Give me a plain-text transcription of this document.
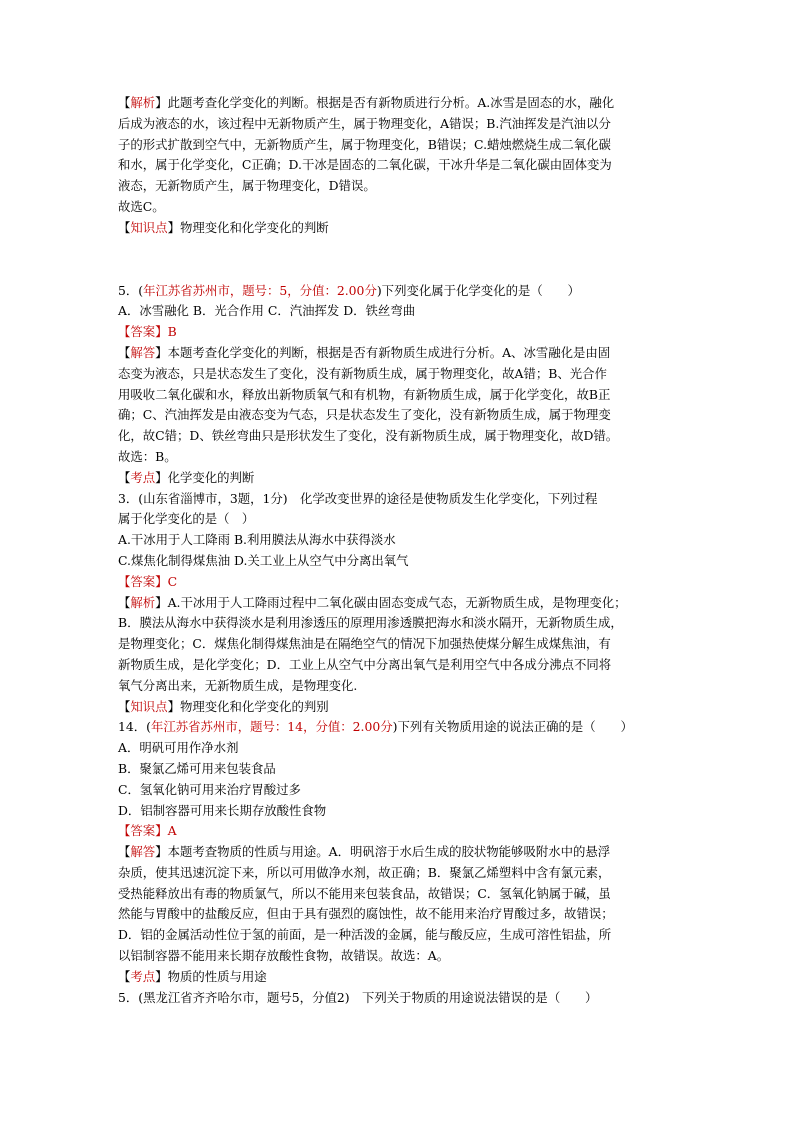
【解析】此题考查化学变化的判断。根据是否有新物质进行分析。A.冰雪是固态的水，融化
后成为液态的水，该过程中无新物质产生，属于物理变化，A错误；B.汽油挥发是汽油以分
子的形式扩散到空气中，无新物质产生，属于物理变化，B错误；C.蜡烛燃烧生成二氧化碳
和水，属于化学变化，C正确；D.干冰是固态的二氧化碳，干冰升华是二氧化碳由固体变为
液态，无新物质产生，属于物理变化，D错误。
故选C。
【知识点】物理变化和化学变化的判断
5．(年江苏省苏州市，题号：5，分值：2.00分)下列变化属于化学变化的是（　　）
A．冰雪融化 B．光合作用 C．汽油挥发 D．铁丝弯曲
【答案】B
【解答】本题考查化学变化的判断，根据是否有新物质生成进行分析。A、冰雪融化是由固
态变为液态，只是状态发生了变化，没有新物质生成，属于物理变化，故A错；B、光合作
用吸收二氧化碳和水，释放出新物质氧气和有机物，有新物质生成，属于化学变化，故B正
确；C、汽油挥发是由液态变为气态，只是状态发生了变化，没有新物质生成，属于物理变
化，故C错；D、铁丝弯曲只是形状发生了变化，没有新物质生成，属于物理变化，故D错。
故选：B。
【考点】化学变化的判断
3．(山东省淄博市，3题，1分)　化学改变世界的途径是使物质发生化学变化，下列过程
属于化学变化的是（　）
A.干冰用于人工降雨 B.利用膜法从海水中获得淡水
C.煤焦化制得煤焦油 D.关工业上从空气中分离出氧气
【答案】C
【解析】A.干冰用于人工降雨过程中二氧化碳由固态变成气态，无新物质生成，是物理变化；
B．膜法从海水中获得淡水是利用渗透压的原理用渗透膜把海水和淡水隔开，无新物质生成，
是物理变化；C．煤焦化制得煤焦油是在隔绝空气的情况下加强热使煤分解生成煤焦油，有
新物质生成，是化学变化；D．工业上从空气中分离出氧气是利用空气中各成分沸点不同将
氧气分离出来，无新物质生成，是物理变化.
【知识点】物理变化和化学变化的判别
14．(年江苏省苏州市，题号：14，分值：2.00分)下列有关物质用途的说法正确的是（　　）
A．明矾可用作净水剂
B．聚氯乙烯可用来包装食品
C．氢氧化钠可用来治疗胃酸过多
D．铝制容器可用来长期存放酸性食物
【答案】A
【解答】本题考查物质的性质与用途。A．明矾溶于水后生成的胶状物能够吸附水中的悬浮
杂质，使其迅速沉淀下来，所以可用做净水剂，故正确；B．聚氯乙烯塑料中含有氯元素，
受热能释放出有毒的物质氯气，所以不能用来包装食品，故错误；C．氢氧化钠属于碱，虽
然能与胃酸中的盐酸反应，但由于具有强烈的腐蚀性，故不能用来治疗胃酸过多，故错误；
D．铝的金属活动性位于氢的前面，是一种活泼的金属，能与酸反应，生成可溶性铝盐，所
以铝制容器不能用来长期存放酸性食物，故错误。故选：A。
【考点】物质的性质与用途
5．(黑龙江省齐齐哈尔市，题号5，分值2)　下列关于物质的用途说法错误的是（　　）
